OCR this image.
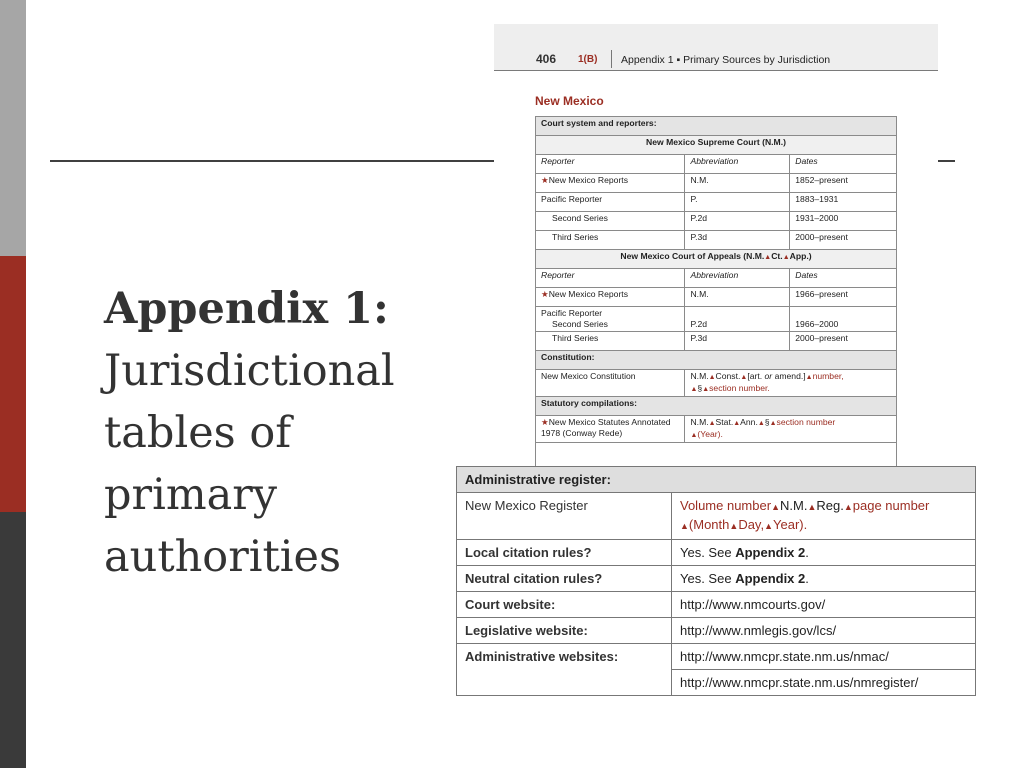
Appendix 1:
Jurisdictional
tables of
primary
authorities
406 1(B) Appendix 1 ▪ Primary Sources by Jurisdiction
New Mexico
Court system and reporters:		
New Mexico Supreme Court (N.M.)		
Reporter	Abbreviation	Dates
★New Mexico Reports	N.M.	1852–present
Pacific Reporter	P.	1883–1931
Second Series	P.2d	1931–2000
Third Series	P.3d	2000–present
New Mexico Court of Appeals (N.M.▲Ct.▲App.)		
Reporter	Abbreviation	Dates
★New Mexico Reports	N.M.	1966–present

Pacific Reporter
Second Series	P.2d	1966–2000
Third Series	P.3d	2000–present
Constitution:		
New Mexico Constitution	N.M.▲Const.▲[art. or amend.]▲number,
▲§▲section number.	
Statutory compilations:		
★New Mexico Statutes Annotated 1978 (Conway Rede)	N.M.▲Stat.▲Ann.▲§▲section number
▲(Year).	

Administrative register:	
New Mexico Register	Volume number▲N.M.▲Reg.▲page number
▲(Month▲Day,▲Year).
Local citation rules?	Yes. See Appendix 2.
Neutral citation rules?	Yes. See Appendix 2.
Court website:	http://www.nmcourts.gov/
Legislative website:	http://www.nmlegis.gov/lcs/
Administrative websites:	http://www.nmcpr.state.nm.us/nmac/
	http://www.nmcpr.state.nm.us/nmregister/
